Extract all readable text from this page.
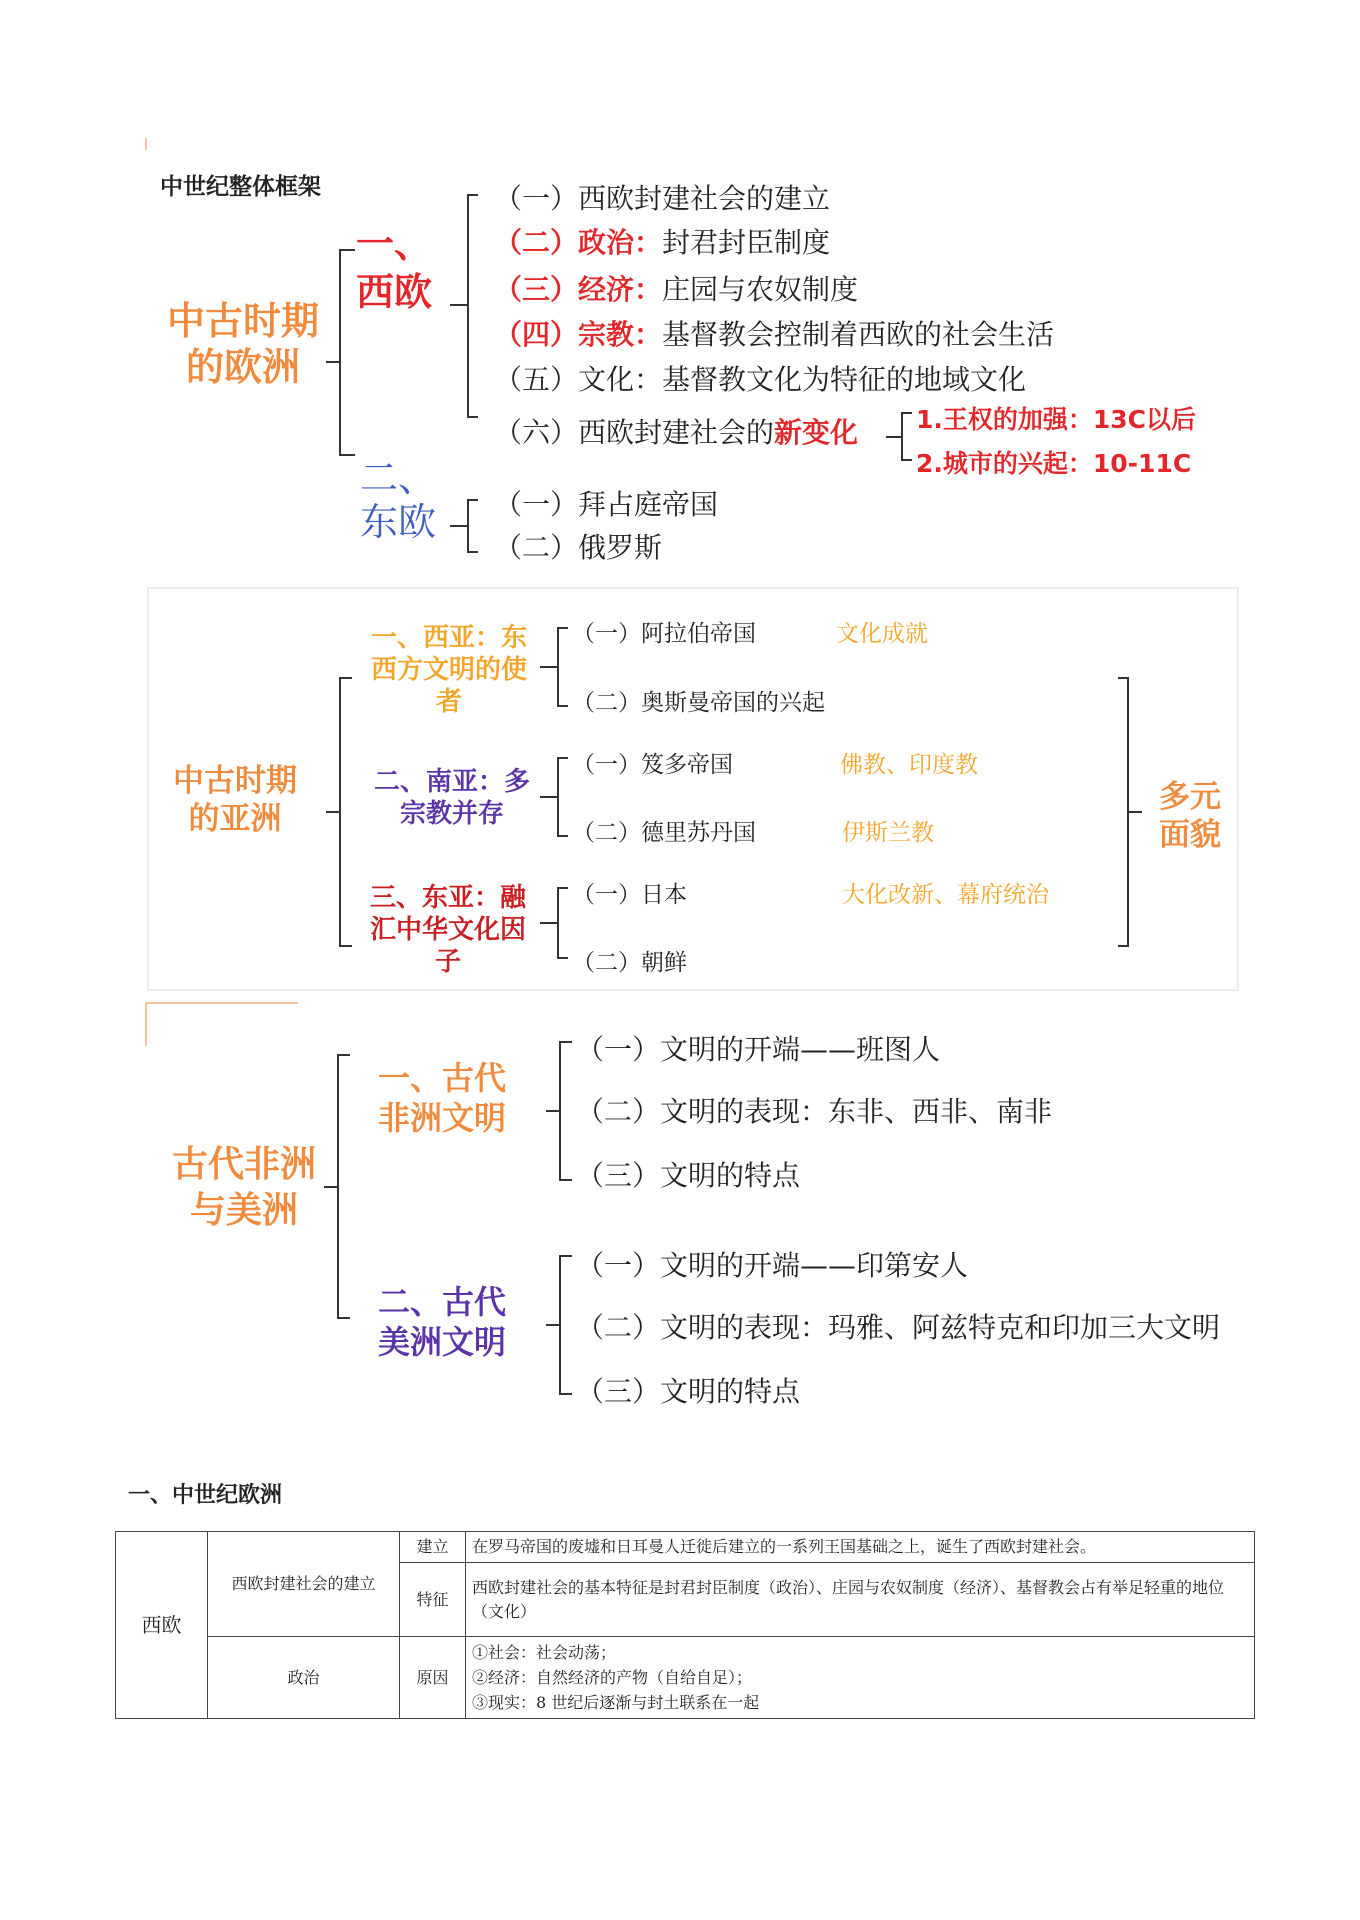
中世纪整体框架
中古时期的欧洲
一、西欧
（一）西欧封建社会的建立
（二）政治：封君封臣制度
（三）经济：庄园与农奴制度
（四）宗教：基督教会控制着西欧的社会生活
（五）文化：基督教文化为特征的地域文化
（六）西欧封建社会的新变化 1.王权的加强：13C以后
2.城市的兴起：10-11C
二、东欧 （一）拜占庭帝国
（二）俄罗斯
中古时期的亚洲
一、西亚：东西方文明的使者
（一）阿拉伯帝国	文化成就
（二）奥斯曼帝国的兴起
二、南亚：多宗教并存
（一）笈多帝国	佛教、印度教
（二）德里苏丹国	伊斯兰教
三、东亚：融汇中华文化因子
（一）日本	大化改新、幕府统治
（二）朝鲜
多元面貌
古代非洲与美洲
一、古代非洲文明
（一）文明的开端——班图人
（二）文明的表现：东非、西非、南非
（三）文明的特点
二、古代美洲文明
（一）文明的开端——印第安人
（二）文明的表现：玛雅、阿兹特克和印加三大文明
（三）文明的特点
一、中世纪欧洲
西欧	西欧封建社会的建立	建立	在罗马帝国的废墟和日耳曼人迁徙后建立的一系列王国基础之上，诞生了西欧封建社会。
		特征	西欧封建社会的基本特征是封君封臣制度（政治）、庄园与农奴制度（经济）、基督教会占有举足轻重的地位（文化）
	政治	原因	①社会：社会动荡；
②经济：自然经济的产物（自给自足）；
③现实：8 世纪后逐渐与封土联系在一起
